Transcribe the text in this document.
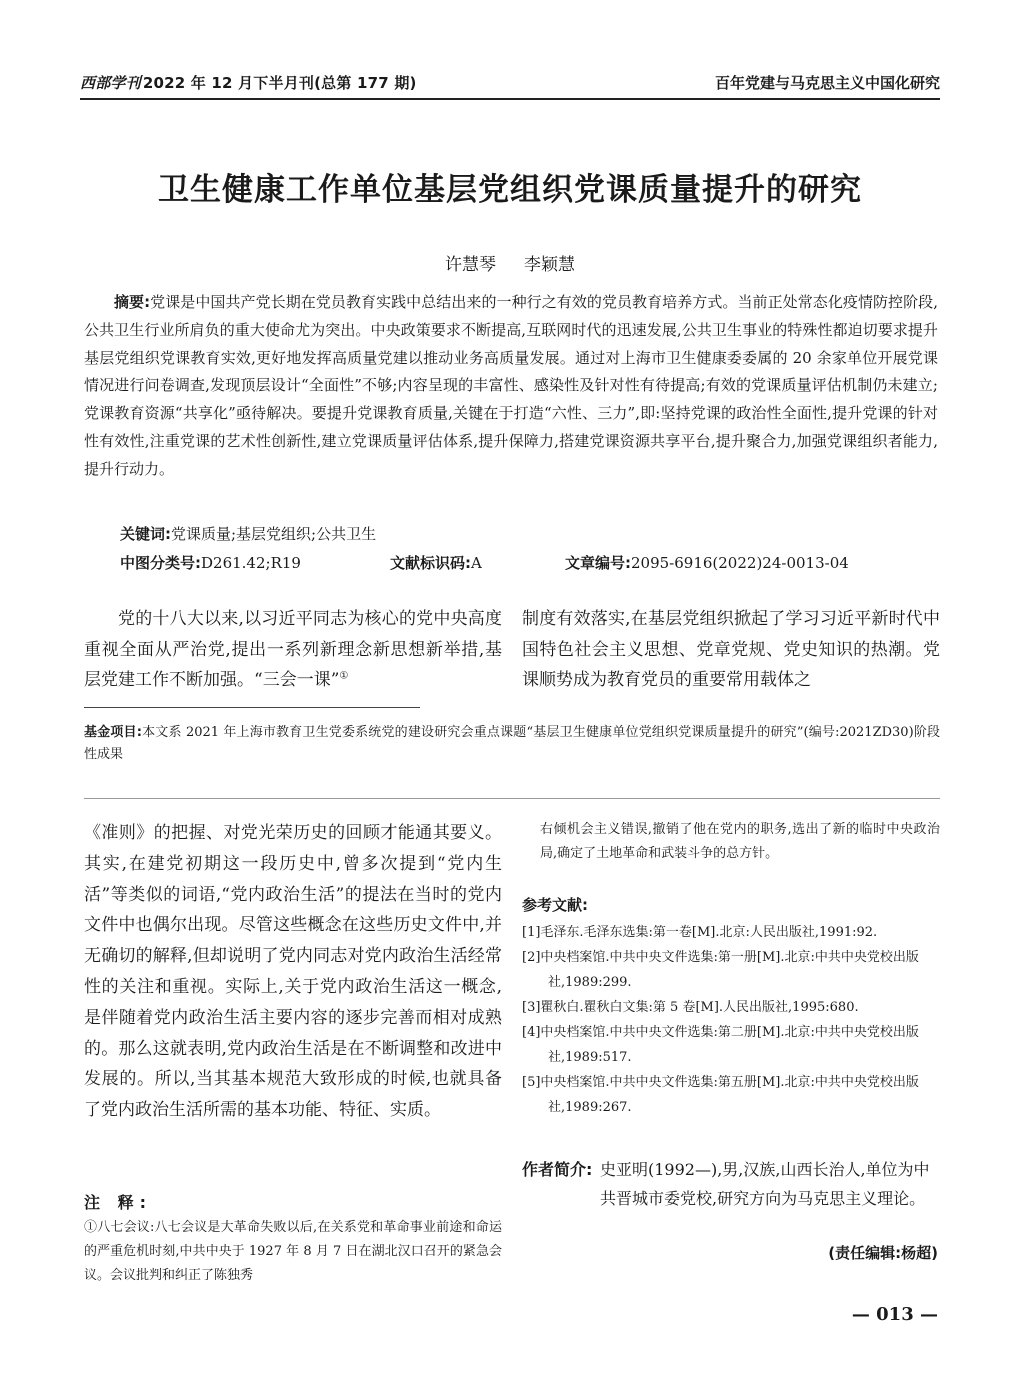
西部学刊 2022 年 12 月下半月刊(总第 177 期)	百年党建与马克思主义中国化研究
卫生健康工作单位基层党组织党课质量提升的研究
许慧琴 李颖慧

摘要:党课是中国共产党长期在党员教育实践中总结出来的一种行之有效的党员教育培养方式。当前正处常态化疫情防控阶段,公共卫生行业所肩负的重大使命尤为突出。中央政策要求不断提高,互联网时代的迅速发展,公共卫生事业的特殊性都迫切要求提升基层党组织党课教育实效,更好地发挥高质量党建以推动业务高质量发展。通过对上海市卫生健康委委属的 20 余家单位开展党课情况进行问卷调查,发现顶层设计“全面性”不够;内容呈现的丰富性、感染性及针对性有待提高;有效的党课质量评估机制仍未建立;党课教育资源“共享化”亟待解决。要提升党课教育质量,关键在于打造“六性、三力”,即:坚持党课的政治性全面性,提升党课的针对性有效性,注重党课的艺术性创新性,建立党课质量评估体系,提升保障力,搭建党课资源共享平台,提升聚合力,加强党课组织者能力,提升行动力。

关键词:党课质量;基层党组织;公共卫生
中图分类号:D261.42;R19	文献标识码:A	文章编号:2095-6916(2022)24-0013-04

党的十八大以来,以习近平同志为核心的党中央高度重视全面从严治党,提出一系列新理念新思想新举措,基层党建工作不断加强。“三会一课”①

制度有效落实,在基层党组织掀起了学习习近平新时代中国特色社会主义思想、党章党规、党史知识的热潮。党课顺势成为教育党员的重要常用载体之

基金项目:本文系 2021 年上海市教育卫生党委系统党的建设研究会重点课题“基层卫生健康单位党组织党课质量提升的研究”(编号:2021ZD30)阶段性成果
《准则》的把握、对党光荣历史的回顾才能通其要义。其实,在建党初期这一段历史中,曾多次提到“党内生活”等类似的词语,“党内政治生活”的提法在当时的党内文件中也偶尔出现。尽管这些概念在这些历史文件中,并无确切的解释,但却说明了党内同志对党内政治生活经常性的关注和重视。实际上,关于党内政治生活这一概念,是伴随着党内政治生活主要内容的逐步完善而相对成熟的。那么这就表明,党内政治生活是在不断调整和改进中发展的。所以,当其基本规范大致形成的时候,也就具备了党内政治生活所需的基本功能、特征、实质。
注 释:
①八七会议:八七会议是大革命失败以后,在关系党和革命事业前途和命运的严重危机时刻,中共中央于 1927 年 8 月 7 日在湖北汉口召开的紧急会议。会议批判和纠正了陈独秀
右倾机会主义错误,撤销了他在党内的职务,选出了新的临时中央政治局,确定了土地革命和武装斗争的总方针。
参考文献:
[1]毛泽东.毛泽东选集:第一卷[M].北京:人民出版社,1991:92.
[2]中央档案馆.中共中央文件选集:第一册[M].北京:中共中央党校出版社,1989:299.
[3]瞿秋白.瞿秋白文集:第 5 卷[M].人民出版社,1995:680.
[4]中央档案馆.中共中央文件选集:第二册[M].北京:中共中央党校出版社,1989:517.
[5]中央档案馆.中共中央文件选集:第五册[M].北京:中共中央党校出版社,1989:267.
作者简介: 史亚明(1992—),男,汉族,山西长治人,单位为中共晋城市委党校,研究方向为马克思主义理论。
(责任编辑:杨超)
— 013 —
